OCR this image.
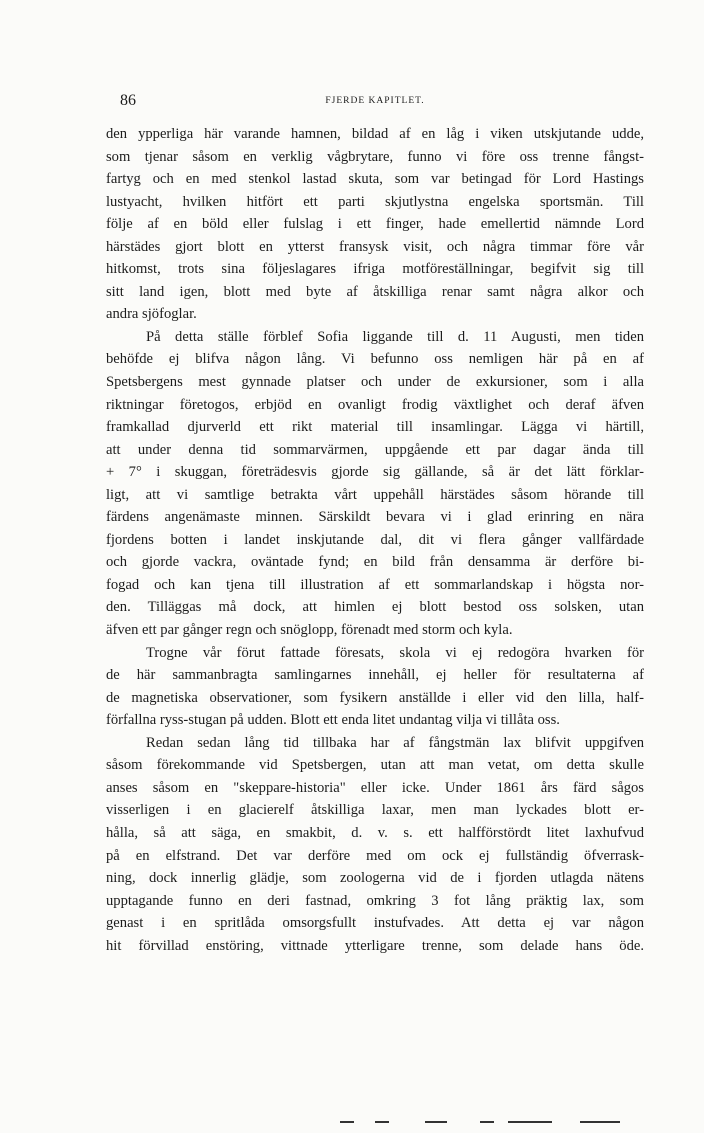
86	FJERDE KAPITLET.
den ypperliga här varande hamnen, bildad af en låg i viken utskjutande udde,
som tjenar såsom en verklig vågbrytare, funno vi före oss trenne fångst-
fartyg och en med stenkol lastad skuta, som var betingad för Lord Hastings
lustyacht, hvilken hitfört ett parti skjutlystna engelska sportsmän. Till
följe af en böld eller fulslag i ett finger, hade emellertid nämnde Lord
härstädes gjort blott en ytterst fransysk visit, och några timmar före vår
hitkomst, trots sina följeslagares ifriga motföreställningar, begifvit sig till
sitt land igen, blott med byte af åtskilliga renar samt några alkor och
andra sjöfoglar.
På detta ställe förblef Sofia liggande till d. 11 Augusti, men tiden
behöfde ej blifva någon lång. Vi befunno oss nemligen här på en af
Spetsbergens mest gynnade platser och under de exkursioner, som i alla
riktningar företogos, erbjöd en ovanligt frodig växtlighet och deraf äfven
framkallad djurverld ett rikt material till insamlingar. Lägga vi härtill,
att under denna tid sommarvärmen, uppgående ett par dagar ända till
+ 7° i skuggan, företrädesvis gjorde sig gällande, så är det lätt förklar-
ligt, att vi samtlige betrakta vårt uppehåll härstädes såsom hörande till
färdens angenämaste minnen. Särskildt bevara vi i glad erinring en nära
fjordens botten i landet inskjutande dal, dit vi flera gånger vallfärdade
och gjorde vackra, oväntade fynd; en bild från densamma är derföre bi-
fogad och kan tjena till illustration af ett sommarlandskap i högsta nor-
den. Tilläggas må dock, att himlen ej blott bestod oss solsken, utan
äfven ett par gånger regn och snöglopp, förenadt med storm och kyla.
Trogne vår förut fattade föresats, skola vi ej redogöra hvarken för
de här sammanbragta samlingarnes innehåll, ej heller för resultaterna af
de magnetiska observationer, som fysikern anställde i eller vid den lilla, half-
förfallna ryss-stugan på udden. Blott ett enda litet undantag vilja vi tillåta oss.
Redan sedan lång tid tillbaka har af fångstmän lax blifvit uppgifven
såsom förekommande vid Spetsbergen, utan att man vetat, om detta skulle
anses såsom en "skeppare-historia" eller icke. Under 1861 års färd sågos
visserligen i en glacierelf åtskilliga laxar, men man lyckades blott er-
hålla, så att säga, en smakbit, d. v. s. ett halfförstördt litet laxhufvud
på en elfstrand. Det var derföre med om ock ej fullständig öfverrask-
ning, dock innerlig glädje, som zoologerna vid de i fjorden utlagda nätens
upptagande funno en deri fastnad, omkring 3 fot lång präktig lax, som
genast i en spritlåda omsorgsfullt instufvades. Att detta ej var någon
hit förvillad enstöring, vittnade ytterligare trenne, som delade hans öde.
